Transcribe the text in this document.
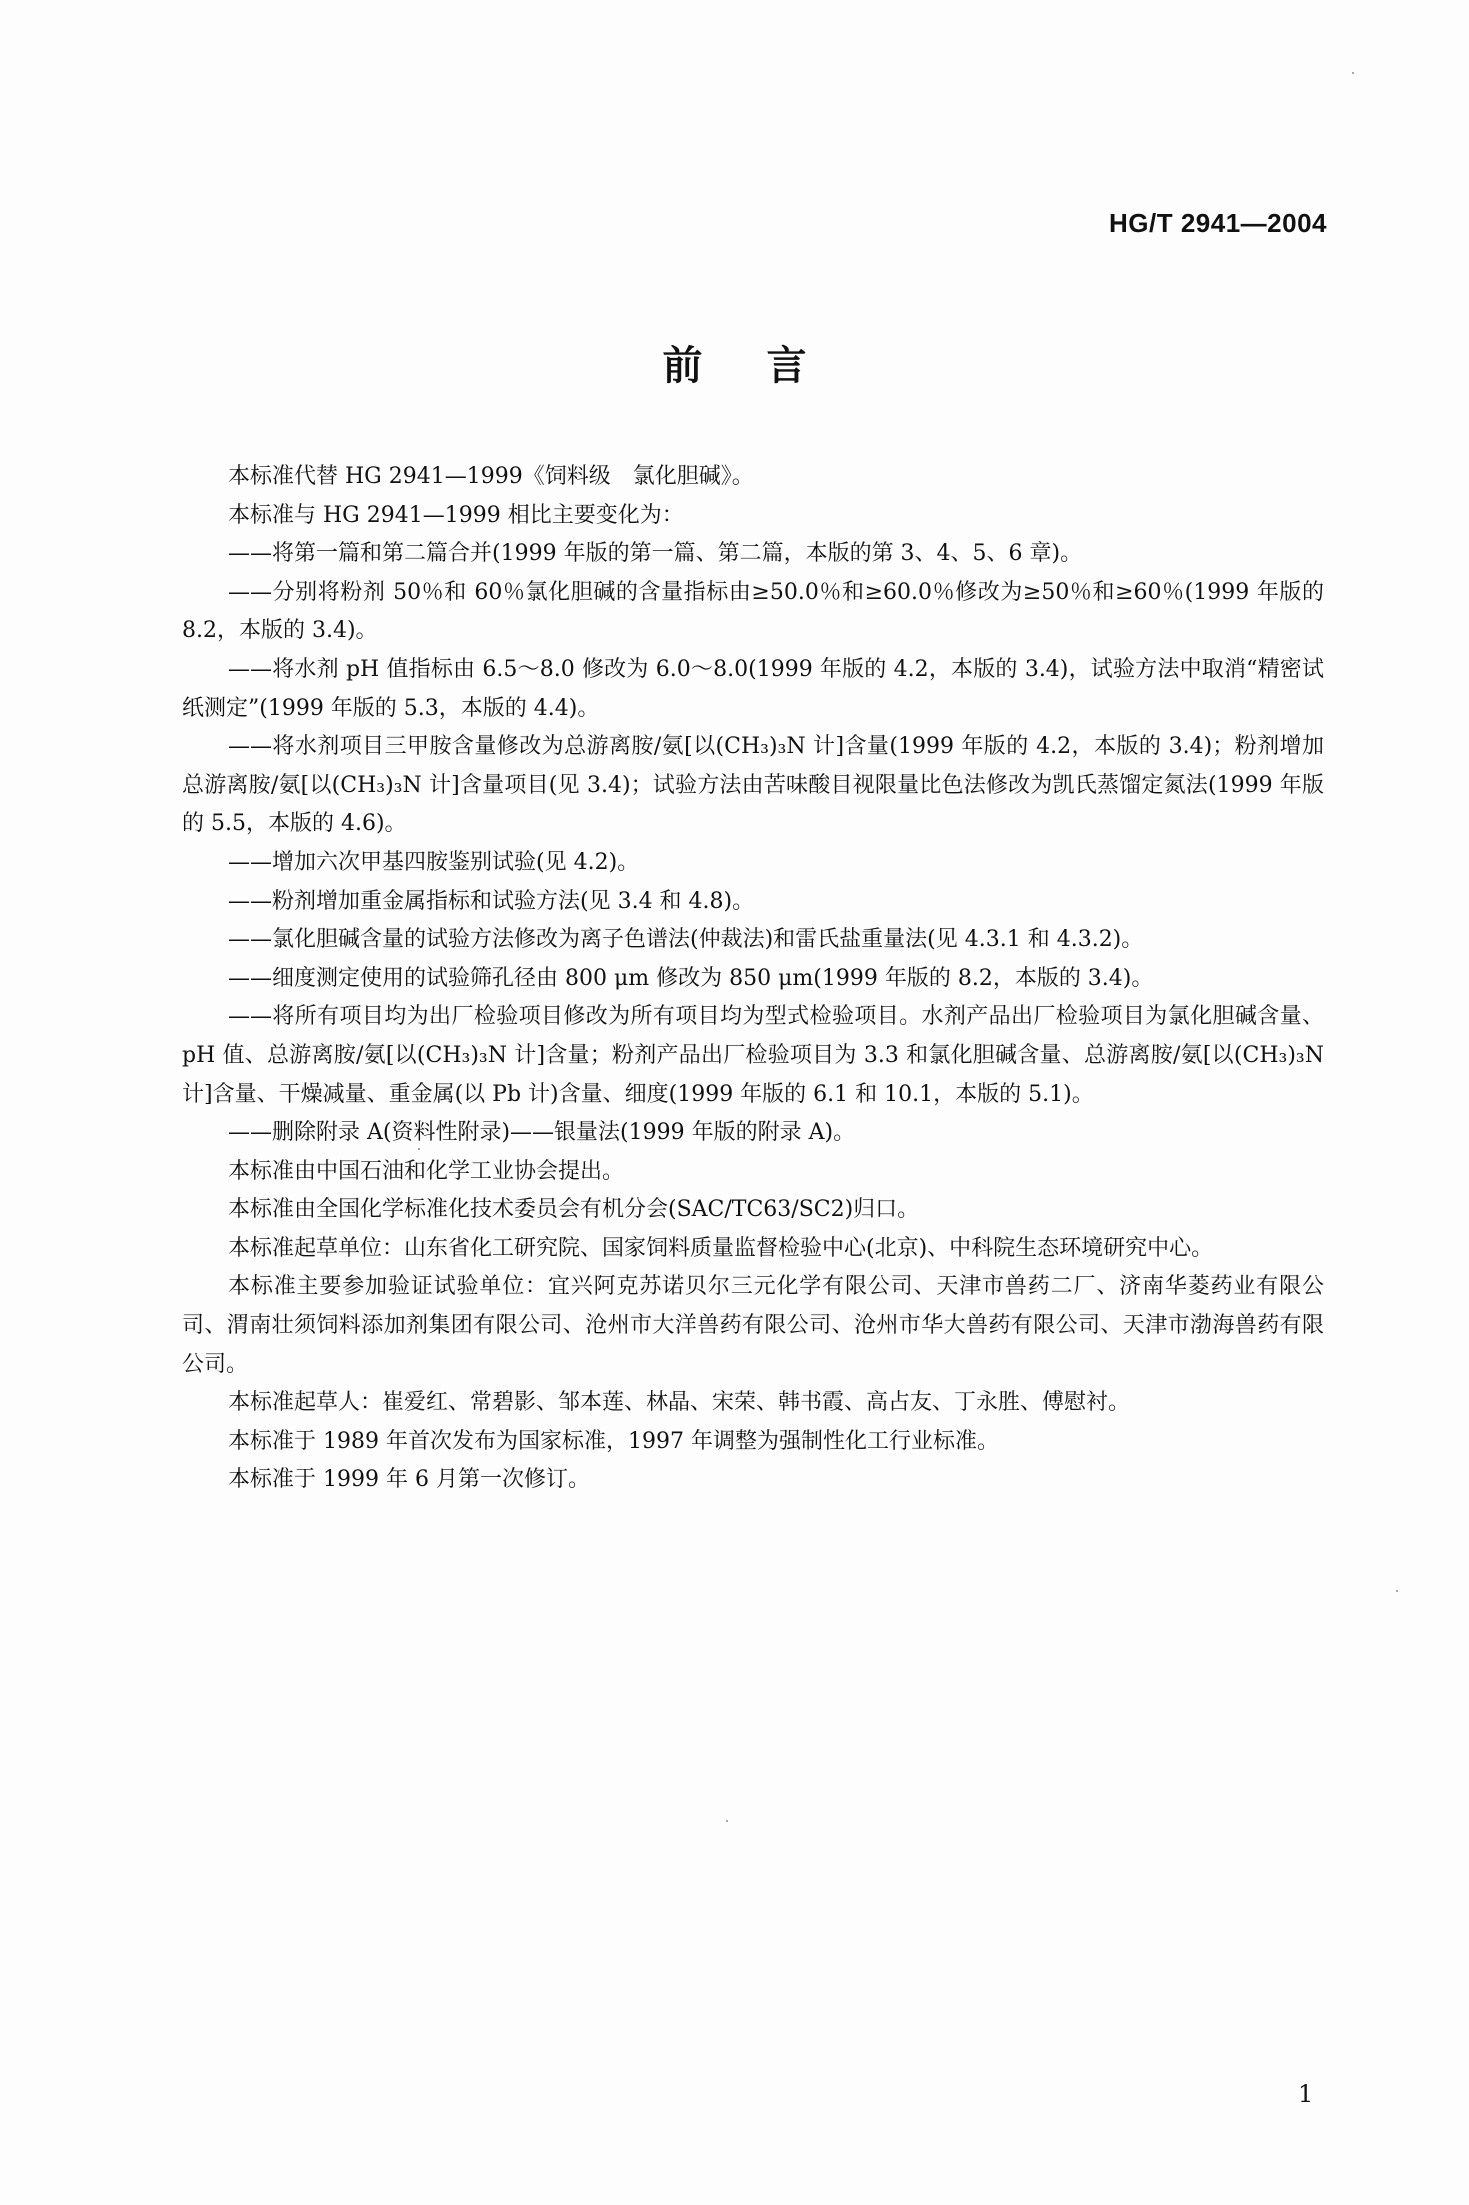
HG/T 2941—2004
前言

本标准代替 HG 2941—1999《饲料级　氯化胆碱》。

本标准与 HG 2941—1999 相比主要变化为：

——将第一篇和第二篇合并(1999 年版的第一篇、第二篇，本版的第 3、4、5、6 章)。

——分别将粉剂 50％和 60％氯化胆碱的含量指标由≥50.0％和≥60.0％修改为≥50％和≥60％(1999 年版的 8.2，本版的 3.4)。

——将水剂 pH 值指标由 6.5～8.0 修改为 6.0～8.0(1999 年版的 4.2，本版的 3.4)，试验方法中取消“精密试纸测定”(1999 年版的 5.3，本版的 4.4)。

——将水剂项目三甲胺含量修改为总游离胺/氨[以(CH₃)₃N 计]含量(1999 年版的 4.2，本版的 3.4)；粉剂增加总游离胺/氨[以(CH₃)₃N 计]含量项目(见 3.4)；试验方法由苦味酸目视限量比色法修改为凯氏蒸馏定氮法(1999 年版的 5.5，本版的 4.6)。

——增加六次甲基四胺鉴别试验(见 4.2)。

——粉剂增加重金属指标和试验方法(见 3.4 和 4.8)。

——氯化胆碱含量的试验方法修改为离子色谱法(仲裁法)和雷氏盐重量法(见 4.3.1 和 4.3.2)。

——细度测定使用的试验筛孔径由 800 μm 修改为 850 μm(1999 年版的 8.2，本版的 3.4)。

——将所有项目均为出厂检验项目修改为所有项目均为型式检验项目。水剂产品出厂检验项目为氯化胆碱含量、pH 值、总游离胺/氨[以(CH₃)₃N 计]含量；粉剂产品出厂检验项目为 3.3 和氯化胆碱含量、总游离胺/氨[以(CH₃)₃N 计]含量、干燥减量、重金属(以 Pb 计)含量、细度(1999 年版的 6.1 和 10.1，本版的 5.1)。

——删除附录 A(资料性附录)——银量法(1999 年版的附录 A)。

本标准由中国石油和化学工业协会提出。

本标准由全国化学标准化技术委员会有机分会(SAC/TC63/SC2)归口。

本标准起草单位：山东省化工研究院、国家饲料质量监督检验中心(北京)、中科院生态环境研究中心。

本标准主要参加验证试验单位：宜兴阿克苏诺贝尔三元化学有限公司、天津市兽药二厂、济南华菱药业有限公司、渭南壮须饲料添加剂集团有限公司、沧州市大洋兽药有限公司、沧州市华大兽药有限公司、天津市渤海兽药有限公司。

本标准起草人：崔爱红、常碧影、邹本莲、林晶、宋荣、韩书霞、高占友、丁永胜、傅慰衬。

本标准于 1989 年首次发布为国家标准，1997 年调整为强制性化工行业标准。

本标准于 1999 年 6 月第一次修订。

1
